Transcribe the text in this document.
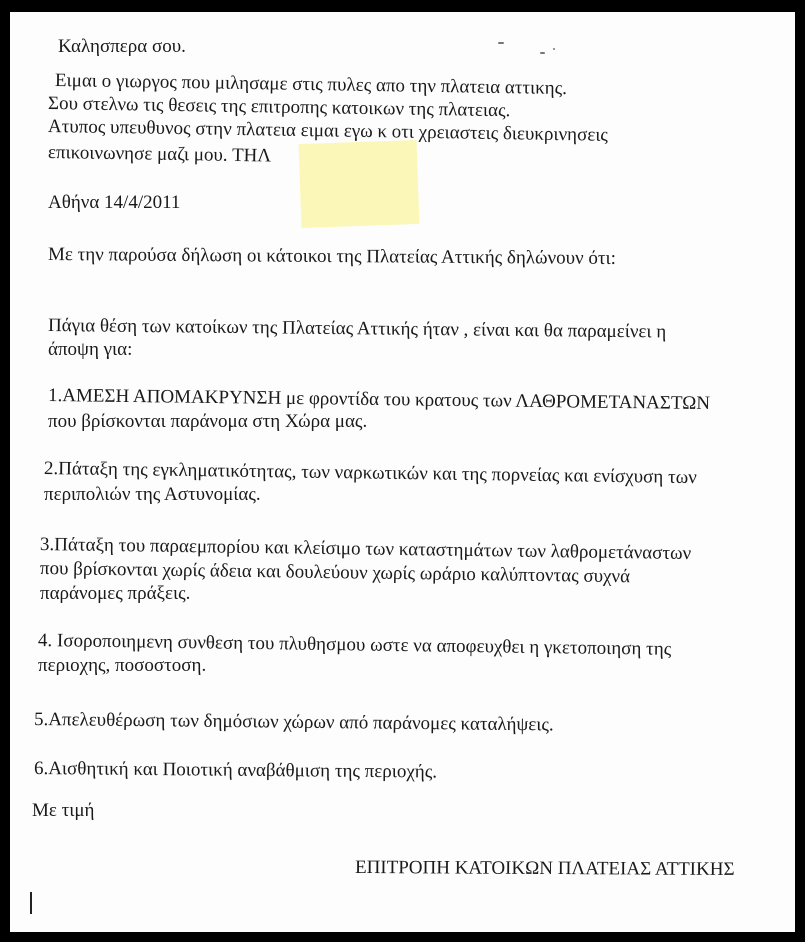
Καλησπερα σου.
Ειμαι ο γιωργος που μιλησαμε στις πυλες απο την πλατεια αττικης.
Σου στελνω τις θεσεις της επιτροπης κατοικων της πλατειας.
Ατυπος υπευθυνος στην πλατεια ειμαι εγω κ οτι χρειαστεις διευκρινησεις
επικοινωνησε μαζι μου. ΤΗΛ
Αθήνα 14/4/2011
Με την παρούσα δήλωση οι κάτοικοι της Πλατείας Αττικής δηλώνουν ότι:
Πάγια θέση των κατοίκων της Πλατείας Αττικής ήταν , είναι και θα παραμείνει η
άποψη για:
1.ΑΜΕΣΗ ΑΠΟΜΑΚΡΥΝΣΗ με φροντίδα του κρατους των ΛΑΘΡΟΜΕΤΑΝΑΣΤΩΝ
που βρίσκονται παράνομα στη Χώρα μας.
2.Πάταξη της εγκληματικότητας, των ναρκωτικών και της πορνείας και ενίσχυση των
περιπολιών της Αστυνομίας.
3.Πάταξη του παραεμπορίου και κλείσιμο των καταστημάτων των λαθρομετάναστων
που βρίσκονται χωρίς άδεια και δουλεύουν χωρίς ωράριο καλύπτοντας συχνά
παράνομες πράξεις.
4. Ισοροποιημενη συνθεση του πλυθησμου ωστε να αποφευχθει η γκετοποιηση της
περιοχης, ποσοστοση.
5.Απελευθέρωση των δημόσιων χώρων από παράνομες καταλήψεις.
6.Αισθητική και Ποιοτική αναβάθμιση της περιοχής.
Με τιμή
ΕΠΙΤΡΟΠΗ ΚΑΤΟΙΚΩΝ ΠΛΑΤΕΙΑΣ ΑΤΤΙΚΗΣ
